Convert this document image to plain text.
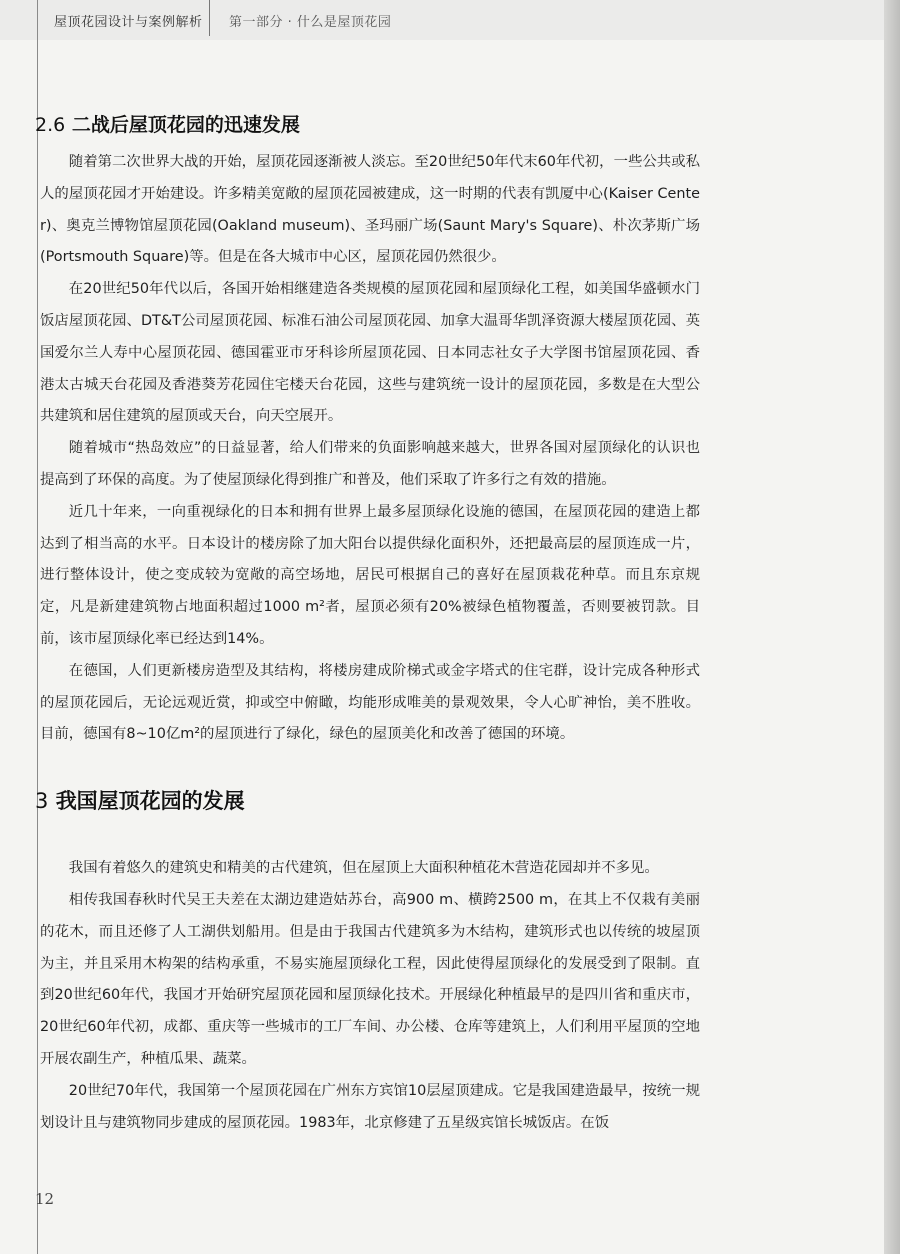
屋顶花园设计与案例解析 第一部分 · 什么是屋顶花园
2.6 二战后屋顶花园的迅速发展

随着第二次世界大战的开始，屋顶花园逐渐被人淡忘。至20世纪50年代末60年代初，一些公共或私人的屋顶花园才开始建设。许多精美宽敞的屋顶花园被建成，这一时期的代表有凯厦中心(Kaiser Center)、奥克兰博物馆屋顶花园(Oakland museum)、圣玛丽广场(Saunt Mary's Square)、朴次茅斯广场(Portsmouth Square)等。但是在各大城市中心区，屋顶花园仍然很少。

在20世纪50年代以后，各国开始相继建造各类规模的屋顶花园和屋顶绿化工程，如美国华盛顿水门饭店屋顶花园、DT&T公司屋顶花园、标准石油公司屋顶花园、加拿大温哥华凯泽资源大楼屋顶花园、英国爱尔兰人寿中心屋顶花园、德国霍亚市牙科诊所屋顶花园、日本同志社女子大学图书馆屋顶花园、香港太古城天台花园及香港葵芳花园住宅楼天台花园，这些与建筑统一设计的屋顶花园，多数是在大型公共建筑和居住建筑的屋顶或天台，向天空展开。

随着城市“热岛效应”的日益显著，给人们带来的负面影响越来越大，世界各国对屋顶绿化的认识也提高到了环保的高度。为了使屋顶绿化得到推广和普及，他们采取了许多行之有效的措施。

近几十年来，一向重视绿化的日本和拥有世界上最多屋顶绿化设施的德国，在屋顶花园的建造上都达到了相当高的水平。日本设计的楼房除了加大阳台以提供绿化面积外，还把最高层的屋顶连成一片，进行整体设计，使之变成较为宽敞的高空场地，居民可根据自己的喜好在屋顶栽花种草。而且东京规定，凡是新建建筑物占地面积超过1000 m²者，屋顶必须有20%被绿色植物覆盖，否则要被罚款。目前，该市屋顶绿化率已经达到14%。

在德国，人们更新楼房造型及其结构，将楼房建成阶梯式或金字塔式的住宅群，设计完成各种形式的屋顶花园后，无论远观近赏，抑或空中俯瞰，均能形成唯美的景观效果，令人心旷神怡，美不胜收。目前，德国有8~10亿m²的屋顶进行了绿化，绿色的屋顶美化和改善了德国的环境。

3 我国屋顶花园的发展

我国有着悠久的建筑史和精美的古代建筑，但在屋顶上大面积种植花木营造花园却并不多见。

相传我国春秋时代吴王夫差在太湖边建造姑苏台，高900 m、横跨2500 m，在其上不仅栽有美丽的花木，而且还修了人工湖供划船用。但是由于我国古代建筑多为木结构，建筑形式也以传统的坡屋顶为主，并且采用木构架的结构承重，不易实施屋顶绿化工程，因此使得屋顶绿化的发展受到了限制。直到20世纪60年代，我国才开始研究屋顶花园和屋顶绿化技术。开展绿化种植最早的是四川省和重庆市，20世纪60年代初，成都、重庆等一些城市的工厂车间、办公楼、仓库等建筑上，人们利用平屋顶的空地开展农副生产，种植瓜果、蔬菜。

20世纪70年代，我国第一个屋顶花园在广州东方宾馆10层屋顶建成。它是我国建造最早，按统一规划设计且与建筑物同步建成的屋顶花园。1983年，北京修建了五星级宾馆长城饭店。在饭

12
